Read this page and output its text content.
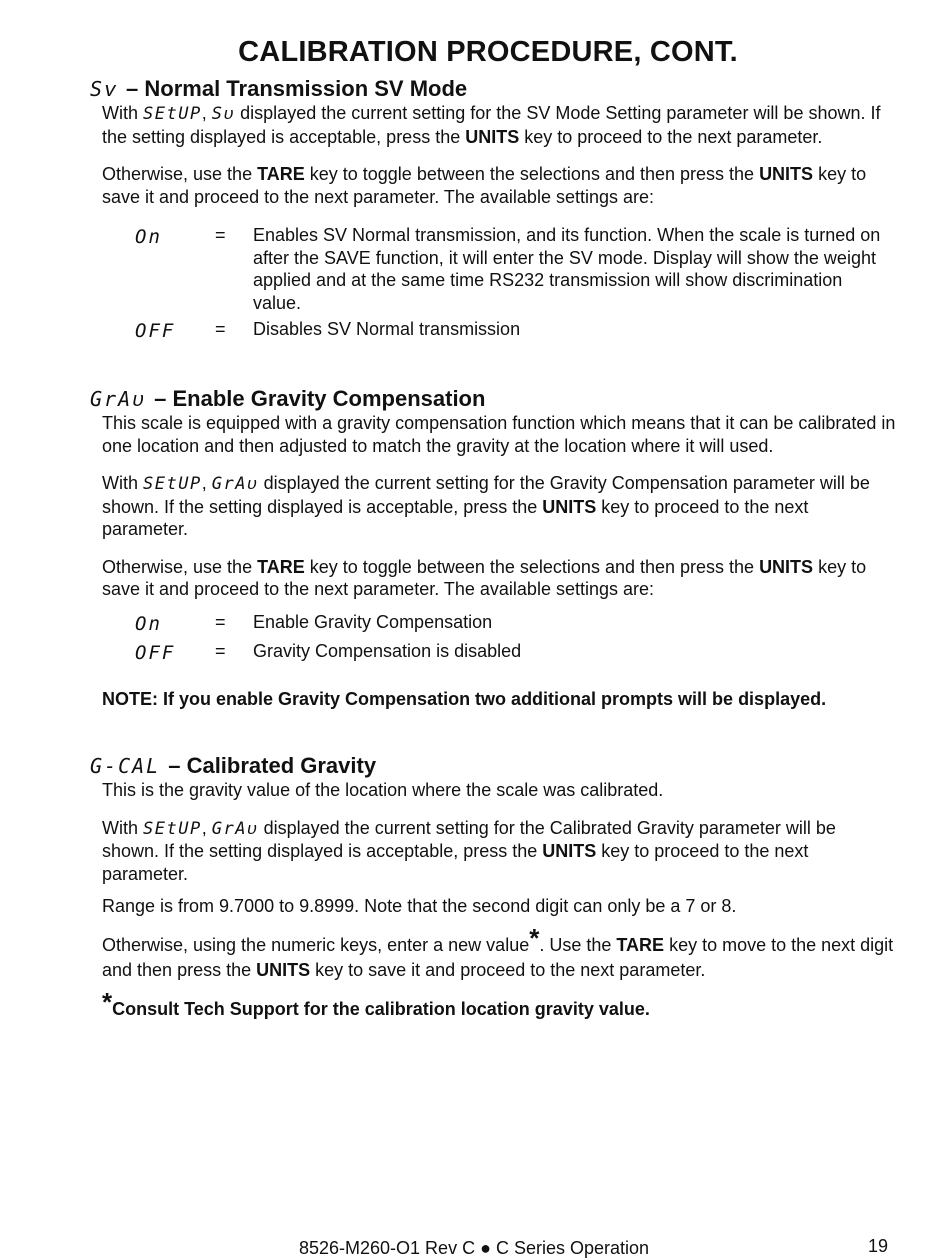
CALIBRATION PROCEDURE, CONT.
Sᴠ – Normal Transmission SV Mode

With SEtUP, Sᴜ displayed the current setting for the SV Mode Setting parameter will be shown. If the setting displayed is acceptable, press the UNITS key to proceed to the next parameter.

Otherwise, use the TARE key to toggle between the selections and then press the UNITS key to save it and proceed to the next parameter. The available settings are:

On	=	Enables SV Normal transmission, and its function. When the scale is turned on after the SAVE function, it will enter the SV mode. Display will show the weight applied and at the same time RS232 transmission will show discrimination value.
OFF	=	Disables SV Normal transmission
GrAᴜ – Enable Gravity Compensation

This scale is equipped with a gravity compensation function which means that it can be calibrated in one location and then adjusted to match the gravity at the location where it will used.

With SEtUP, GrAᴜ displayed the current setting for the Gravity Compensation parameter will be shown. If the setting displayed is acceptable, press the UNITS key to proceed to the next parameter.

Otherwise, use the TARE key to toggle between the selections and then press the UNITS key to save it and proceed to the next parameter. The available settings are:

On	=	Enable Gravity Compensation
OFF	=	Gravity Compensation is disabled
NOTE: If you enable Gravity Compensation two additional prompts will be displayed.
G-CAL – Calibrated Gravity

This is the gravity value of the location where the scale was calibrated.

With SEtUP, GrAᴜ displayed the current setting for the Calibrated Gravity parameter will be shown. If the setting displayed is acceptable, press the UNITS key to proceed to the next parameter.

Range is from 9.7000 to 9.8999. Note that the second digit can only be a 7 or 8.

Otherwise, using the numeric keys, enter a new value*. Use the TARE key to move to the next digit and then press the UNITS key to save it and proceed to the next parameter.

*Consult Tech Support for the calibration location gravity value.
8526-M260-O1 Rev C ● C Series Operation	19
